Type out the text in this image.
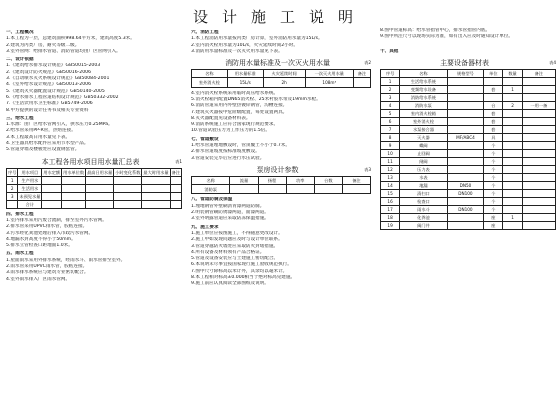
设计施工说明
一、工程概况
1.本工程为一层，总建筑面积998.64平方米，建筑高度5.3米。
2.建筑为丙类厂房，耐火等级二级。
3.室外管网：给排水管道、消防管道均由厂区管网引入。
二、设计依据
1.《建筑给水排水设计规范》GB50015-2003
2.《建筑设计防火规范》GB50016-2006
3.《自动喷水灭火系统设计规范》GB50084-2001
4.《室外给水设计规范》GB50013-2006
5.《建筑灭火器配置设计规范》GB50140-2005
6.《给水排水工程管道结构设计规范》GB50332-2002
7.《生活饮用水卫生标准》GB5749-2006
8.甲方提供的设计任务书及相关专业资料
三、给水工程
1.水源：由厂区给水管网引入，供水压力0.25MPa。
2.给水管采用PP-R管，热熔连接。
3.本工程最高日用水量见下表。
4.卫生器具给水配件应采用节水型产品。
5.管道穿墙及楼板处应设置钢套管。
本工程各用水项目用水量汇总表	表1
序号	用水项目	用水定额	用水单位数	最高日用水量	小时变化系数	最大时用水量	备注
1	生产用水						
2	生活用水						
3	未预见水量						
	合计						
四、排水工程
1.室内排水采用污废合流制，排至室外污水管网。
2.排水管采用UPVC排水管，胶粘连接。
3.污水经化粪池处理后排入市政污水管网。
4.地漏水封高度不得小于50mm。
5.排水立管检查口距地面1.0米。
五、雨水工程
1.屋面雨水采用外排水系统，经雨水斗、雨水管排至室外。
2.雨水管采用UPVC雨水管，胶粘连接。
3.雨水排水系统应与建筑专业密切配合。
4.室外雨水排入厂区雨水管网。
六、消防工程
1.本工程消防用水量按丙类厂房计算，室外消防用水量为15L/s。
2.室内消火栓用水量为10L/s，火灾延续时间2小时。
3.消防用水量标准及一次灭火用水量见下表。
消防用水量标准及一次灭火用水量	表2
名称	用水量标准	火灾延续时间	一次灭火用水量	备注
室外消火栓	15L/s	2h	108m³	
4.室内消火栓系统采用临时高压给水系统。
5.消火栓箱内配置DN65消火栓、25米衬胶水带及19mm水枪。
6.消防管道采用内外壁热镀锌钢管，沟槽连接。
7.建筑灭火器按中危险级配置，每处设置两具。
8.灭火器配置见设备材料表。
9.消防系统施工应符合国家现行规范要求。
10.管道试验压力为工作压力的1.5倍。
七、管道敷设
1.给水管道埋地敷设时，管顶覆土不小于0.7米。
2.排水管道坡度按标准坡度敷设。
3.管道安装完毕后应进行水压试验。
泵房设计参数	表3
名称	流量	扬程	功率	台数	备注
消防泵					
八、管道防腐及保温
1.埋地钢管外壁刷沥青漆两道防腐。
2.明装钢管刷防锈漆两道，面漆两道。
3.室外明露管道应采取防冻保温措施。
九、施工要求
1.施工单位应按图施工，不得随意更改设计。
2.施工中如发现问题应及时与设计单位联系。
3.管道穿越防火墙处应采取防火封堵措施。
4.所有设备及材料须有产品合格证。
5.管道及设备安装应与土建施工密切配合。
6.本说明未尽事宜按国家现行施工验收规范执行。
7.图中尺寸除标高以米计外，其余均以毫米计。
8.本工程相对标高±0.000相当于绝对标高见建施。
9.施工前应认真阅读全部图纸及说明。
8.图中管道标高：给水管指管中心，排水管指管内底。
9.图中所注尺寸以现场实际为准，如有出入应及时通知设计单位。

十、其他
主要设备器材表	表4
序号	名称	规格型号	单位	数量	备注
1	生活给水系统				
2	变频给水设备		套	1	
3	消防给水系统				
4	消防水泵		台	2	一用一备
5	室内消火栓箱		套		
6	室外消火栓		套		
7	水泵接合器		套		
8	灭火器	MF/ABC4	具		
9	蝶阀		个		
10	止回阀		个		
11	闸阀		个		
12	压力表		个		
13	水表		个		
14	地漏	DN50	个		
15	清扫口	DN100	个		
16	检查口		个		
17	雨水斗	DN100	个		
18	化粪池		座	1	
19	阀门井		座		
